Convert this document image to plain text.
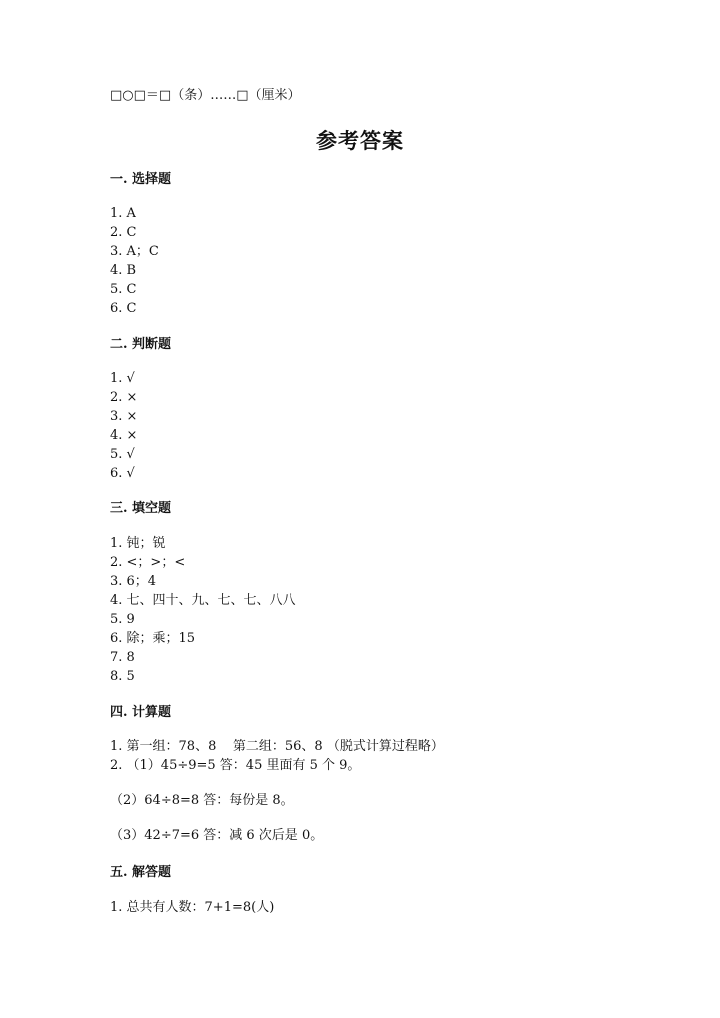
□○□＝□（条）……□（厘米）
参考答案
一. 选择题
1. A
2. C
3. A；C
4. B
5. C
6. C
二. 判断题
1. √
2. ×
3. ×
4. ×
5. √
6. √
三. 填空题
1. 钝；锐
2. <；>；<
3. 6；4
4. 七、四十、九、七、七、八八
5. 9
6. 除；乘；15
7. 8
8. 5
四. 计算题
1. 第一组：78、8    第二组：56、8 （脱式计算过程略）
2. （1）45÷9=5 答：45 里面有 5 个 9。
（2）64÷8=8 答：每份是 8。
（3）42÷7=6 答：减 6 次后是 0。
五. 解答题
1. 总共有人数：7+1=8(人)
